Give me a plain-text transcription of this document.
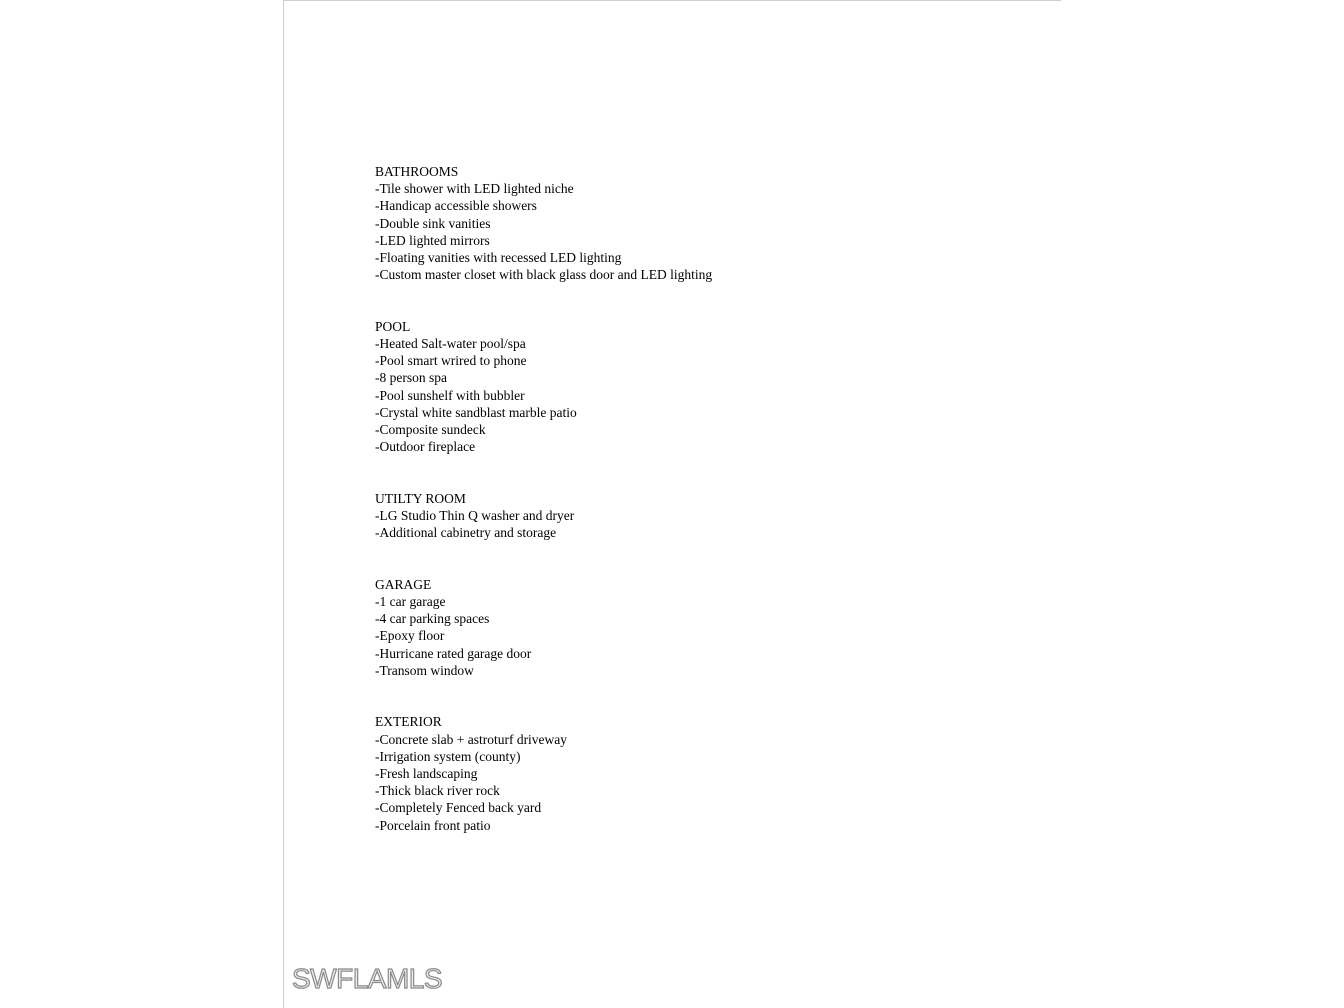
BATHROOMS
-Tile shower with LED lighted niche
-Handicap accessible showers
-Double sink vanities
-LED lighted mirrors
-Floating vanities with recessed LED lighting
-Custom master closet with black glass door and LED lighting
POOL
-Heated Salt-water pool/spa
-Pool smart wrired to phone
-8 person spa
-Pool sunshelf with bubbler
-Crystal white sandblast marble patio
-Composite sundeck
-Outdoor fireplace
UTILTY ROOM
-LG Studio Thin Q washer and dryer
-Additional cabinetry and storage
GARAGE
-1 car garage
-4 car parking spaces
-Epoxy floor
-Hurricane rated garage door
-Transom window
EXTERIOR
-Concrete slab + astroturf driveway
-Irrigation system (county)
-Fresh landscaping
-Thick black river rock
-Completely Fenced back yard
-Porcelain front patio
SWFLAMLS
